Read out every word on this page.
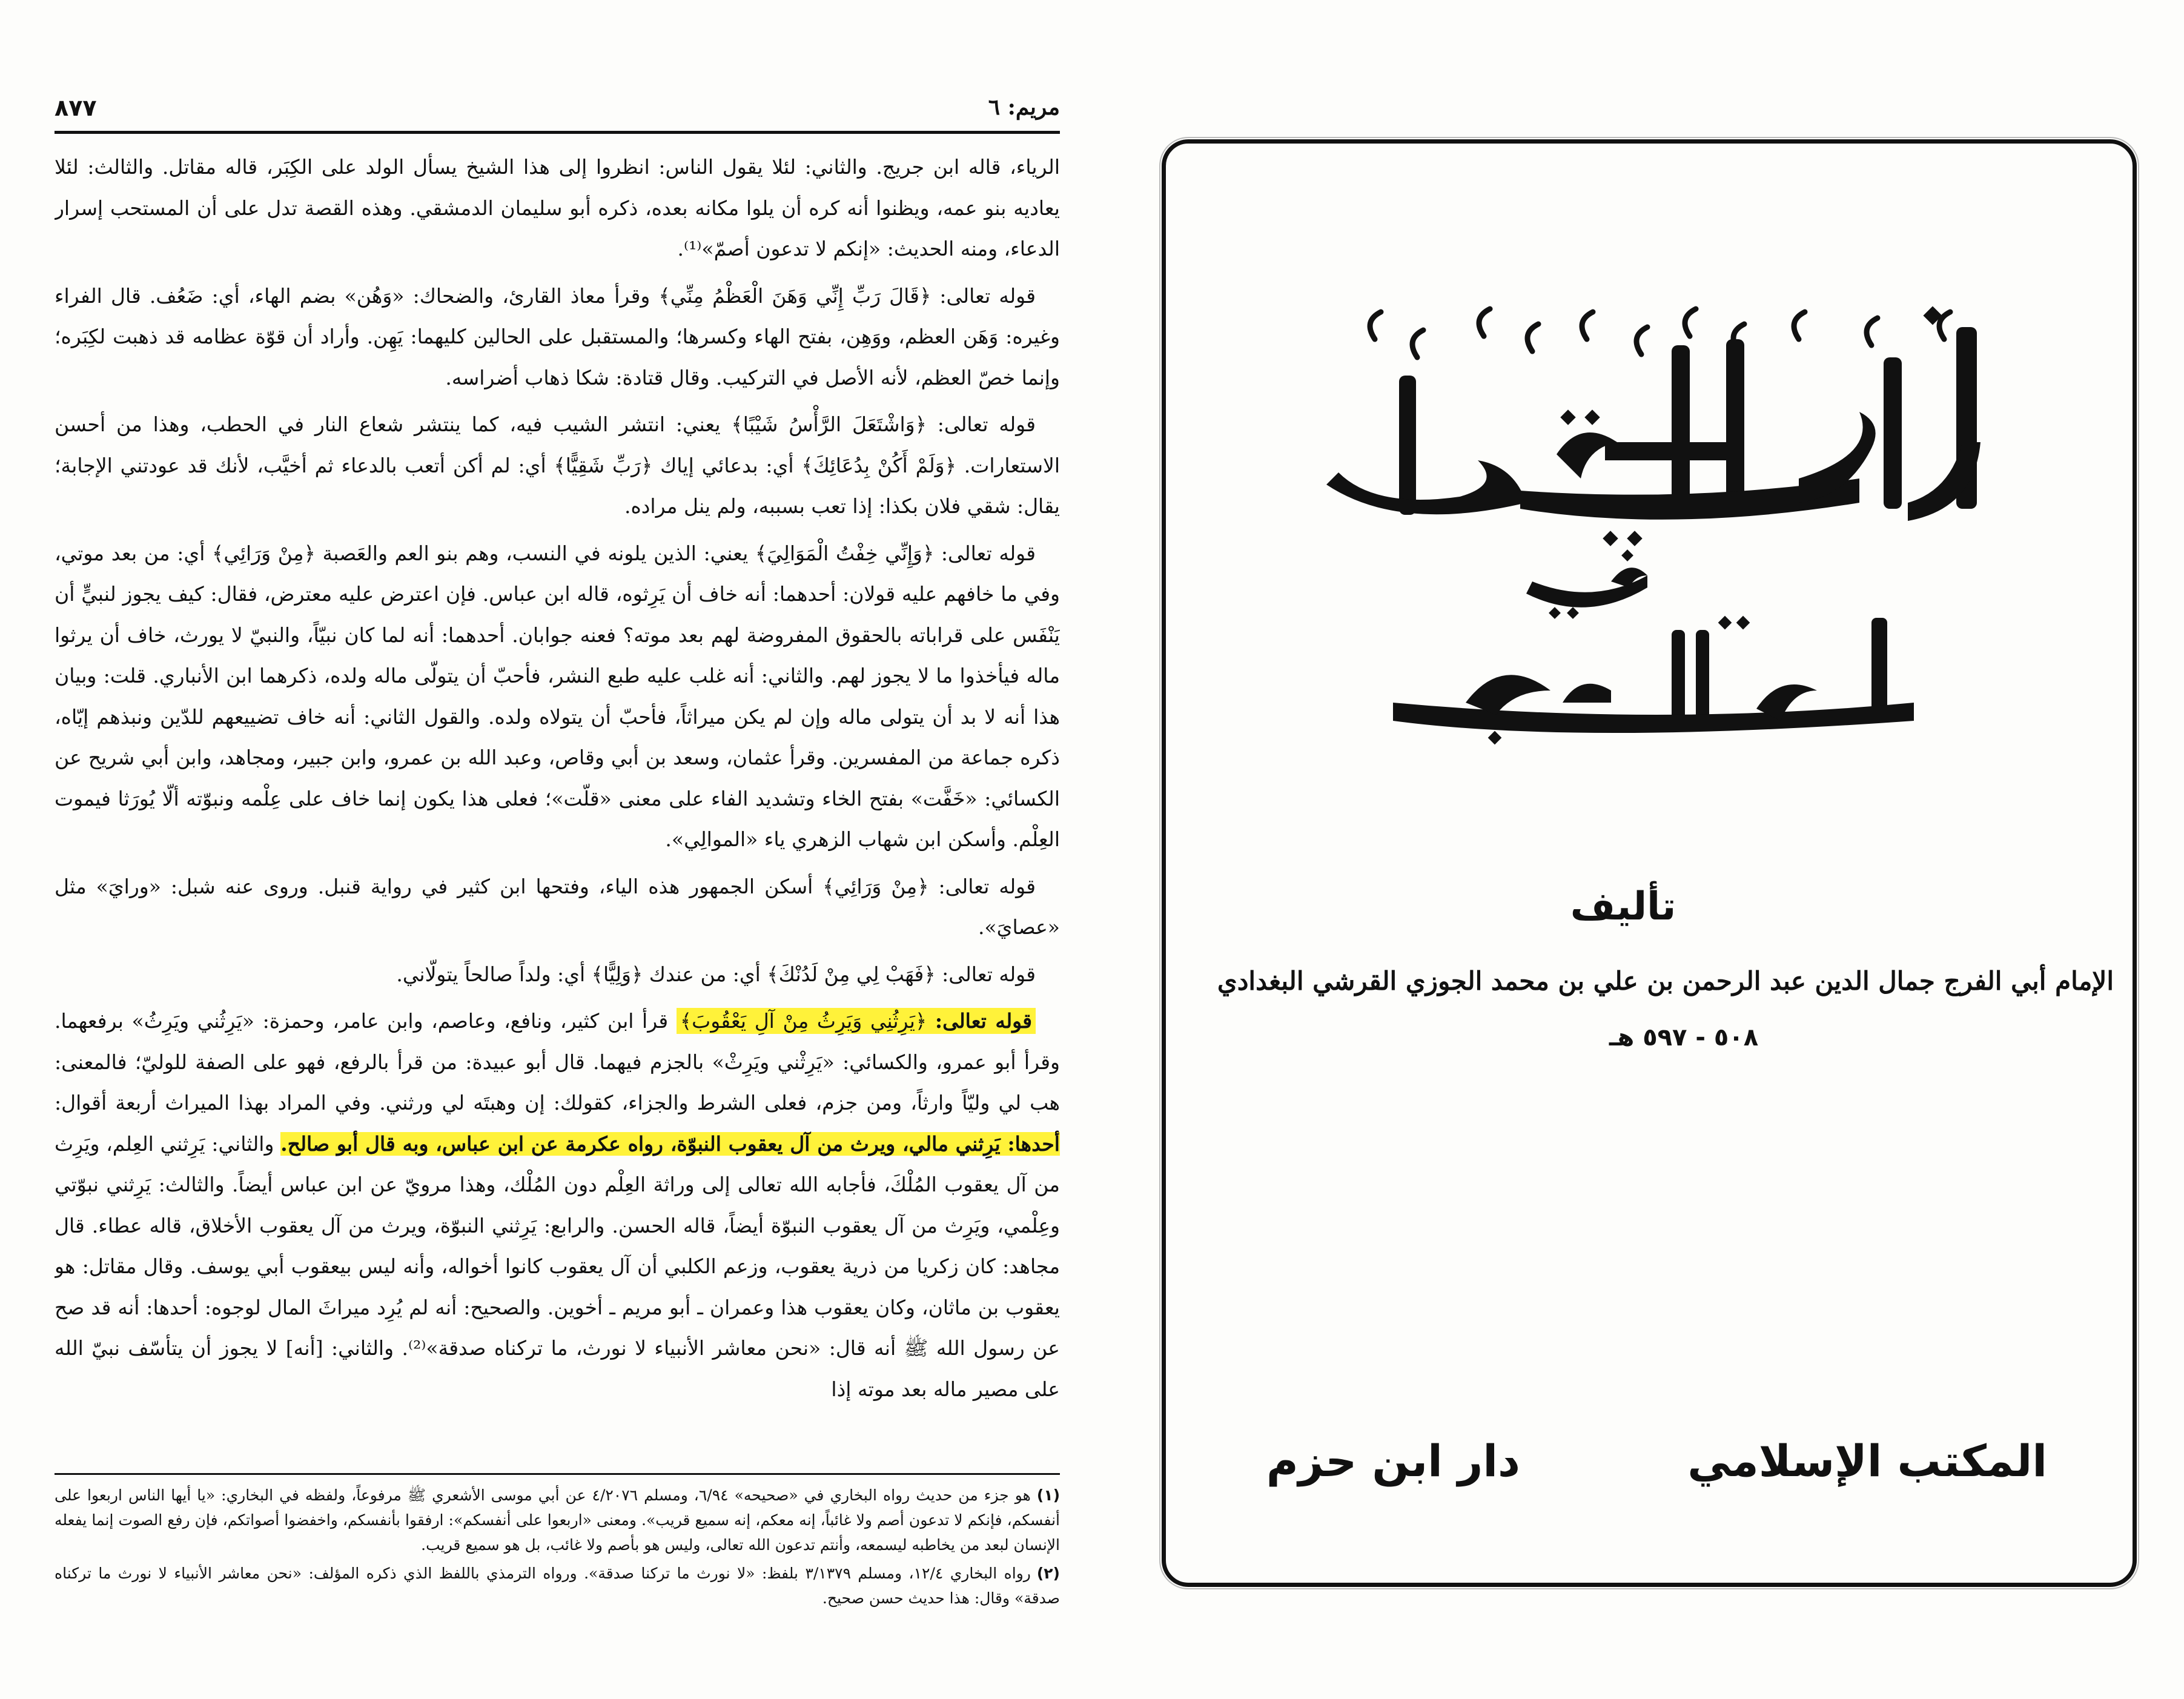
مريم: ٦
٨٧٧

الرياء، قاله ابن جريج. والثاني: لئلا يقول الناس: انظروا إلى هذا الشيخ يسأل الولد على الكِبَر، قاله مقاتل. والثالث: لئلا يعاديه بنو عمه، ويظنوا أنه كره أن يلوا مكانه بعده، ذكره أبو سليمان الدمشقي. وهذه القصة تدل على أن المستحب إسرار الدعاء، ومنه الحديث: «إنكم لا تدعون أصمّ»⁽¹⁾.

قوله تعالى: ﴿قَالَ رَبِّ إِنِّي وَهَنَ الْعَظْمُ مِنِّي﴾ وقرأ معاذ القارئ، والضحاك: «وَهُن» بضم الهاء، أي: ضَعُف. قال الفراء وغيره: وَهَن العظم، ووَهِن، بفتح الهاء وكسرها؛ والمستقبل على الحالين كليهما: يَهِن. وأراد أن قوّة عظامه قد ذهبت لكِبَره؛ وإنما خصّ العظم، لأنه الأصل في التركيب. وقال قتادة: شكا ذهاب أضراسه.

قوله تعالى: ﴿وَاشْتَعَلَ الرَّأْسُ شَيْبًا﴾ يعني: انتشر الشيب فيه، كما ينتشر شعاع النار في الحطب، وهذا من أحسن الاستعارات. ﴿وَلَمْ أَكُنْ بِدُعَائِكَ﴾ أي: بدعائي إياك ﴿رَبِّ شَقِيًّا﴾ أي: لم أكن أتعب بالدعاء ثم أخيَّب، لأنك قد عودتني الإجابة؛ يقال: شقي فلان بكذا: إذا تعب بسببه، ولم ينل مراده.

قوله تعالى: ﴿وَإِنِّي خِفْتُ الْمَوَالِيَ﴾ يعني: الذين يلونه في النسب، وهم بنو العم والعَصبة ﴿مِنْ وَرَائِي﴾ أي: من بعد موتي، وفي ما خافهم عليه قولان: أحدهما: أنه خاف أن يَرِثوه، قاله ابن عباس. فإن اعترض عليه معترض، فقال: كيف يجوز لنبيٍّ أن يَنْفَس على قراباته بالحقوق المفروضة لهم بعد موته؟ فعنه جوابان. أحدهما: أنه لما كان نبيّاً، والنبيّ لا يورث، خاف أن يرثوا ماله فيأخذوا ما لا يجوز لهم. والثاني: أنه غلب عليه طبع النشر، فأحبّ أن يتولّى ماله ولده، ذكرهما ابن الأنباري. قلت: وبيان هذا أنه لا بد أن يتولى ماله وإن لم يكن ميراثاً، فأحبّ أن يتولاه ولده. والقول الثاني: أنه خاف تضييعهم للدّين ونبذهم إيّاه، ذكره جماعة من المفسرين. وقرأ عثمان، وسعد بن أبي وقاص، وعبد الله بن عمرو، وابن جبير، ومجاهد، وابن أبي شريح عن الكسائي: «خَفَّت» بفتح الخاء وتشديد الفاء على معنى «قلّت»؛ فعلى هذا يكون إنما خاف على عِلْمه ونبوّته ألّا يُورَثا فيموت العِلْم. وأسكن ابن شهاب الزهري ياء «الموالِي».

قوله تعالى: ﴿مِنْ وَرَائِي﴾ أسكن الجمهور هذه الياء، وفتحها ابن كثير في رواية قنبل. وروى عنه شبل: «ورايَ» مثل «عصايَ».

قوله تعالى: ﴿فَهَبْ لِي مِنْ لَدُنْكَ﴾ أي: من عندك ﴿وَلِيًّا﴾ أي: ولداً صالحاً يتولّاني.

قوله تعالى: ﴿يَرِثُنِي وَيَرِثُ مِنْ آلِ يَعْقُوبَ﴾ قرأ ابن كثير، ونافع، وعاصم، وابن عامر، وحمزة: «يَرِثُني ويَرِثُ» برفعهما. وقرأ أبو عمرو، والكسائي: «يَرِثْني ويَرِثْ» بالجزم فيهما. قال أبو عبيدة: من قرأ بالرفع، فهو على الصفة للوليّ؛ فالمعنى: هب لي وليّاً وارثاً، ومن جزم، فعلى الشرط والجزاء، كقولك: إن وهبتَه لي ورثني. وفي المراد بهذا الميراث أربعة أقوال: أحدها: يَرِثني مالي، ويرث من آل يعقوب النبوّة، رواه عكرمة عن ابن عباس، وبه قال أبو صالح. والثاني: يَرِثني العِلم، ويَرِث من آل يعقوب المُلْكَ، فأجابه الله تعالى إلى وراثة العِلْم دون المُلْك، وهذا مرويّ عن ابن عباس أيضاً. والثالث: يَرِثني نبوّتي وعِلْمي، ويَرِث من آل يعقوب النبوّة أيضاً، قاله الحسن. والرابع: يَرِثني النبوّة، ويرث من آل يعقوب الأخلاق، قاله عطاء. قال مجاهد: كان زكريا من ذرية يعقوب، وزعم الكلبي أن آل يعقوب كانوا أخواله، وأنه ليس بيعقوب أبي يوسف. وقال مقاتل: هو يعقوب بن ماثان، وكان يعقوب هذا وعمران ـ أبو مريم ـ أخوين. والصحيح: أنه لم يُرِد ميراثَ المال لوجوه: أحدها: أنه قد صح عن رسول الله ﷺ أنه قال: «نحن معاشر الأنبياء لا نورث، ما تركناه صدقة»⁽²⁾. والثاني: [أنه] لا يجوز أن يتأسّف نبيّ الله على مصير ماله بعد موته إذا

(١)هو جزء من حديث رواه البخاري في «صحيحه» ٦/٩٤، ومسلم ٤/٢٠٧٦ عن أبي موسى الأشعري ﷺ مرفوعاً، ولفظه في البخاري: «يا أيها الناس اربعوا على أنفسكم، فإنكم لا تدعون أصم ولا غائباً، إنه معكم، إنه سميع قريب». ومعنى «اربعوا على أنفسكم»: ارفقوا بأنفسكم، واخفضوا أصواتكم، فإن رفع الصوت إنما يفعله الإنسان لبعد من يخاطبه ليسمعه، وأنتم تدعون الله تعالى، وليس هو بأصم ولا غائب، بل هو سميع قريب.

(٢)رواه البخاري ١٢/٤، ومسلم ٣/١٣٧٩ بلفظ: «لا نورث ما تركنا صدقة». ورواه الترمذي باللفظ الذي ذكره المؤلف: «نحن معاشر الأنبياء لا نورث ما تركناه صدقة» وقال: هذا حديث حسن صحيح.

تأليف
الإمام أبي الفرج جمال الدين عبد الرحمن بن علي بن محمد الجوزي القرشي البغدادي
٥٠٨ - ٥٩٧ هـ
المكتب الإسلامي
دار ابن حزم
